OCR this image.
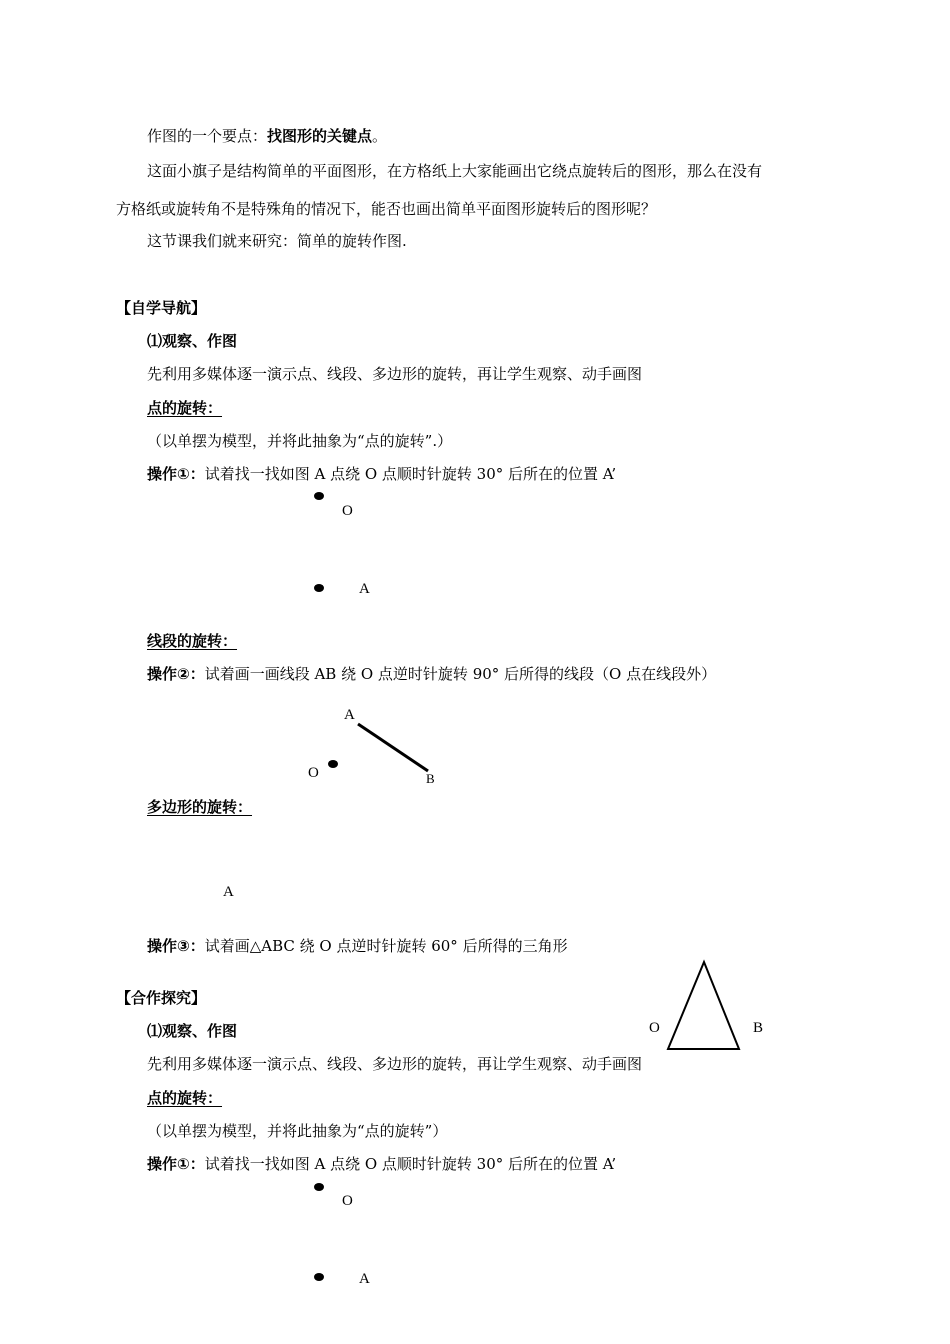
作图的一个要点：找图形的关键点。
这面小旗子是结构简单的平面图形，在方格纸上大家能画出它绕点旋转后的图形，那么在没有
方格纸或旋转角不是特殊角的情况下，能否也画出简单平面图形旋转后的图形呢？
这节课我们就来研究：简单的旋转作图.
【自学导航】
⑴观察、作图
先利用多媒体逐一演示点、线段、多边形的旋转，再让学生观察、动手画图
点的旋转：
（以单摆为模型，并将此抽象为“点的旋转”.）
操作①：试着找一找如图 A 点绕 O 点顺时针旋转 30° 后所在的位置 A’
O
A
线段的旋转：
操作②：试着画一画线段 AB 绕 O 点逆时针旋转 90° 后所得的线段（O 点在线段外）
A
O	B
多边形的旋转：
A
操作③：试着画△ABC 绕 O 点逆时针旋转 60° 后所得的三角形
O	B
【合作探究】
⑴观察、作图
先利用多媒体逐一演示点、线段、多边形的旋转，再让学生观察、动手画图
点的旋转：
（以单摆为模型，并将此抽象为“点的旋转”）
操作①：试着找一找如图 A 点绕 O 点顺时针旋转 30° 后所在的位置 A’
O
A
